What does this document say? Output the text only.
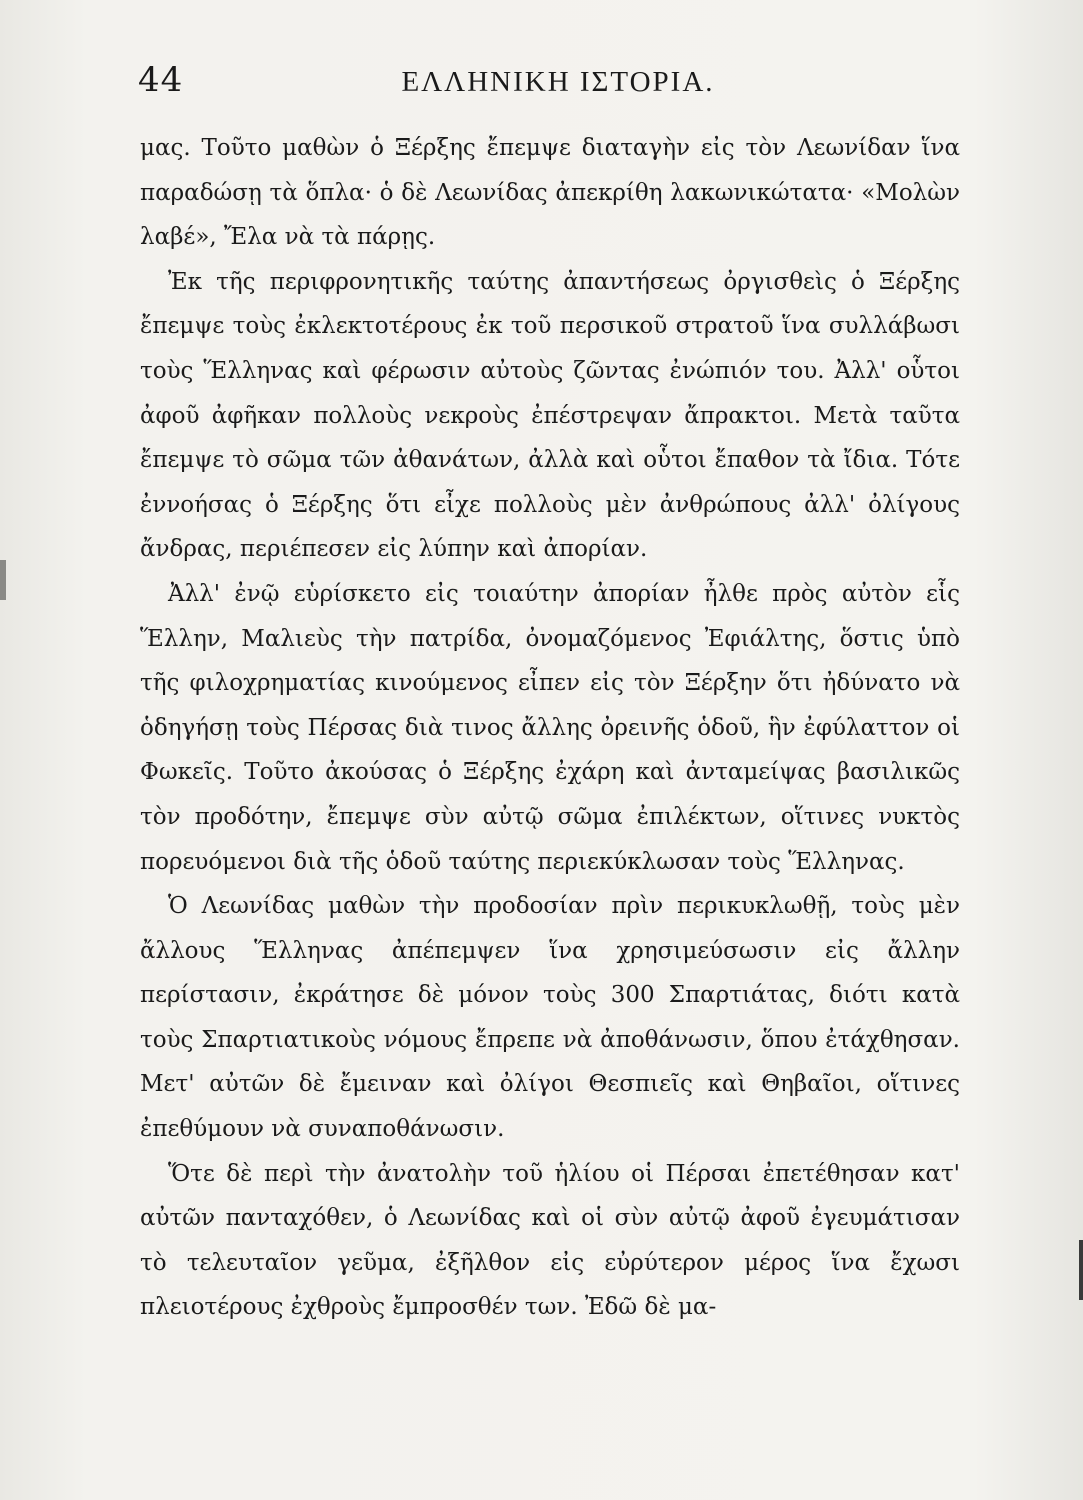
44	ΕΛΛΗΝΙΚΗ ΙΣΤΟΡΙΑ.

μας. Τοῦτο μαθὼν ὁ Ξέρξης ἔπεμψε διαταγὴν εἰς τὸν Λεωνίδαν ἵνα παραδώσῃ τὰ ὅπλα· ὁ δὲ Λεωνίδας ἀπεκρίθη λακωνικώτατα· «Μολὼν λαβέ», Ἔλα νὰ τὰ πάρῃς.

Ἐκ τῆς περιφρονητικῆς ταύτης ἀπαντήσεως ὀργισθεὶς ὁ Ξέρξης ἔπεμψε τοὺς ἐκλεκτοτέρους ἐκ τοῦ περσικοῦ στρατοῦ ἵνα συλλάβωσι τοὺς Ἕλληνας καὶ φέρωσιν αὐτοὺς ζῶντας ἐνώπιόν του. Ἀλλ' οὗτοι ἀφοῦ ἀφῆκαν πολλοὺς νεκροὺς ἐπέστρεψαν ἄπρακτοι. Μετὰ ταῦτα ἔπεμψε τὸ σῶμα τῶν ἀθανάτων, ἀλλὰ καὶ οὗτοι ἔπαθον τὰ ἴδια. Τότε ἐννοήσας ὁ Ξέρξης ὅτι εἶχε πολλοὺς μὲν ἀνθρώπους ἀλλ' ὀλίγους ἄνδρας, περιέπεσεν εἰς λύπην καὶ ἀπορίαν.

Ἀλλ' ἐνῷ εὑρίσκετο εἰς τοιαύτην ἀπορίαν ἦλθε πρὸς αὐτὸν εἷς Ἕλλην, Μαλιεὺς τὴν πατρίδα, ὀνομαζόμενος Ἐφιάλτης, ὅστις ὑπὸ τῆς φιλοχρηματίας κινούμενος εἶπεν εἰς τὸν Ξέρξην ὅτι ἠδύνατο νὰ ὁδηγήσῃ τοὺς Πέρσας διὰ τινος ἄλλης ὀρεινῆς ὁδοῦ, ἣν ἐφύλαττον οἱ Φωκεῖς. Τοῦτο ἀκούσας ὁ Ξέρξης ἐχάρη καὶ ἀνταμείψας βασιλικῶς τὸν προδότην, ἔπεμψε σὺν αὐτῷ σῶμα ἐπιλέκτων, οἵτινες νυκτὸς πορευόμενοι διὰ τῆς ὁδοῦ ταύτης περιεκύκλωσαν τοὺς Ἕλληνας.

Ὁ Λεωνίδας μαθὼν τὴν προδοσίαν πρὶν περικυκλωθῇ, τοὺς μὲν ἄλλους Ἕλληνας ἀπέπεμψεν ἵνα χρησιμεύσωσιν εἰς ἄλλην περίστασιν, ἐκράτησε δὲ μόνον τοὺς 300 Σπαρτιάτας, διότι κατὰ τοὺς Σπαρτιατικοὺς νόμους ἔπρεπε νὰ ἀποθάνωσιν, ὅπου ἐτάχθησαν. Μετ' αὐτῶν δὲ ἔμειναν καὶ ὀλίγοι Θεσπιεῖς καὶ Θηβαῖοι, οἵτινες ἐπεθύμουν νὰ συναποθάνωσιν.

Ὅτε δὲ περὶ τὴν ἀνατολὴν τοῦ ἡλίου οἱ Πέρσαι ἐπετέθησαν κατ' αὐτῶν πανταχόθεν, ὁ Λεωνίδας καὶ οἱ σὺν αὐτῷ ἀφοῦ ἐγευμάτισαν τὸ τελευταῖον γεῦμα, ἐξῆλθον εἰς εὐρύτερον μέρος ἵνα ἔχωσι πλειοτέρους ἐχθροὺς ἔμπροσθέν των. Ἐδῶ δὲ μα-
